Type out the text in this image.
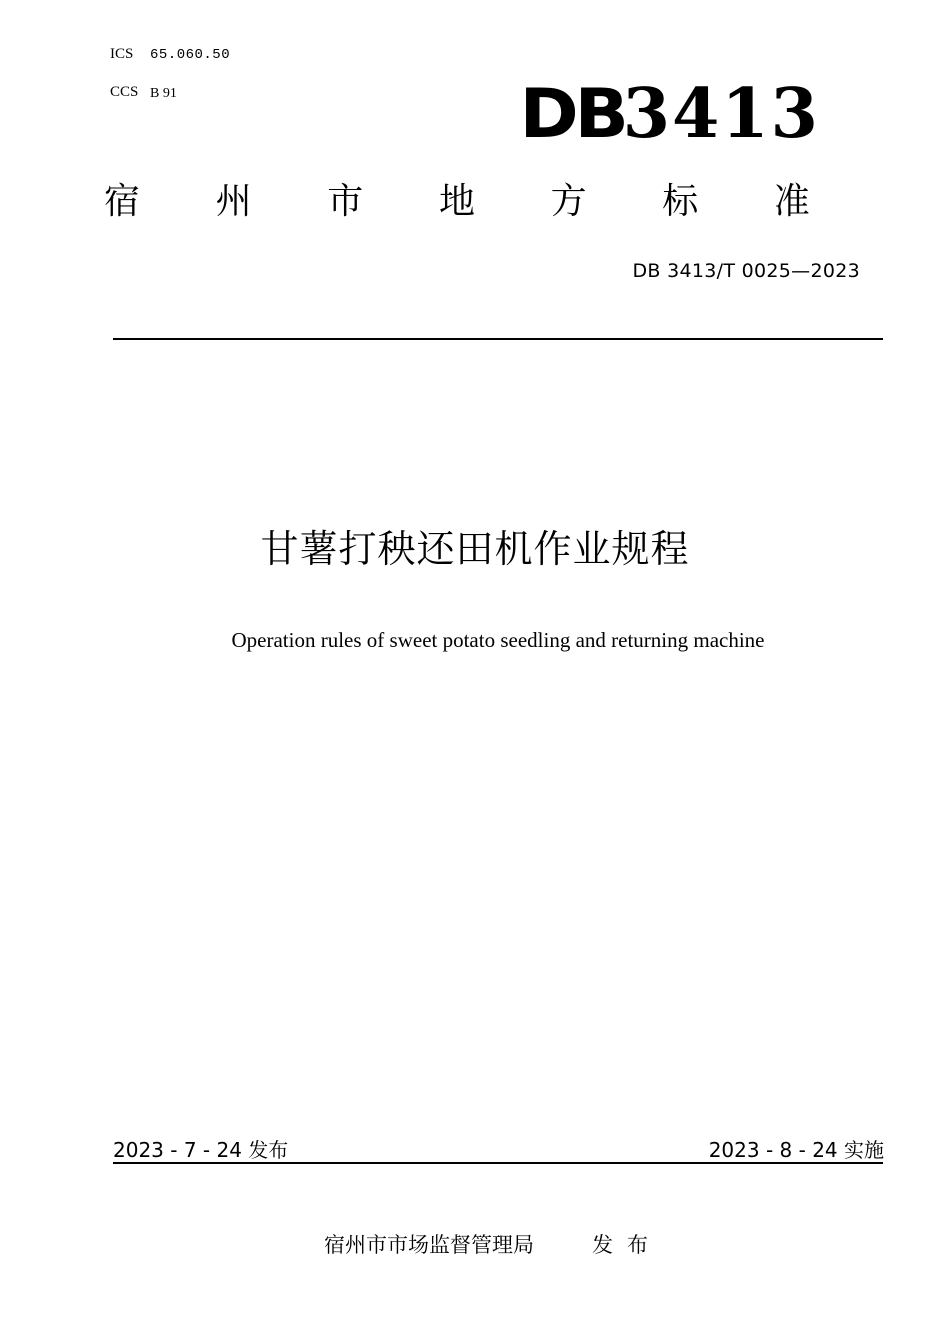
ICS 65.060.50
CCS B 91	DB3413
宿 州 市 地 方 标 准
DB 3413/T 0025—2023
甘薯打秧还田机作业规程
Operation rules of sweet potato seedling and returning machine
2023 - 7 - 24 发布	2023 - 8 - 24 实施
宿州市市场监督管理局	发布
